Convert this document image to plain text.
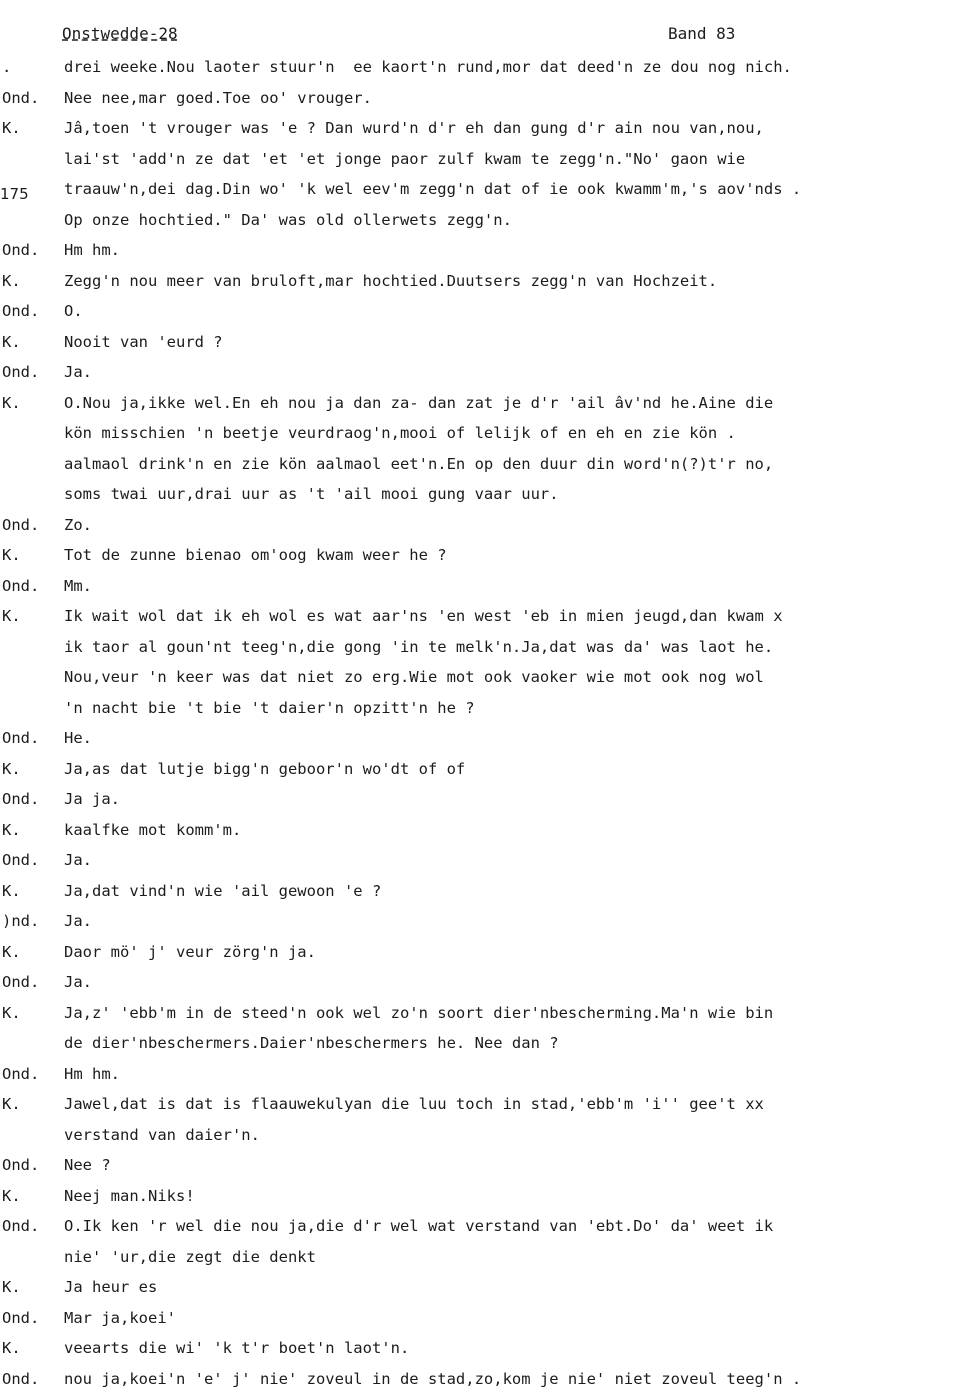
Onstwedde-28	Band 83
175
.	drei weeke.Nou laoter stuur'n  ee kaort'n rund,mor dat deed'n ze dou nog nich.
Ond. Nee nee,mar goed.Toe oo' vrouger.
K.	Jâ,toen 't vrouger was 'e ? Dan wurd'n d'r eh dan gung d'r ain nou van,nou,
lai'st 'add'n ze dat 'et 'et jonge paor zulf kwam te zegg'n."No' gaon wie
traauw'n,dei dag.Din wo' 'k wel eev'm zegg'n dat of ie ook kwamm'm,'s aov'nds .
Op onze hochtied." Da' was old ollerwets zegg'n.
Ond. Hm hm.
K.	Zegg'n nou meer van bruloft,mar hochtied.Duutsers zegg'n van Hochzeit.
Ond. O.
K.	Nooit van 'eurd ?
Ond. Ja.
K.	O.Nou ja,ikke wel.En eh nou ja dan za- dan zat je d'r 'ail âv'nd he.Aine die
kön misschien 'n beetje veurdraog'n,mooi of lelijk of en eh en zie kön .
aalmaol drink'n en zie kön aalmaol eet'n.En op den duur din word'n(?)t'r no,
soms twai uur,drai uur as 't 'ail mooi gung vaar uur.
Ond. Zo.
K.	Tot de zunne bienao om'oog kwam weer he ?
Ond. Mm.
K.	Ik wait wol dat ik eh wol es wat aar'ns 'en west 'eb in mien jeugd,dan kwam x
ik taor al goun'nt teeg'n,die gong 'in te melk'n.Ja,dat was da' was laot he.
Nou,veur 'n keer was dat niet zo erg.Wie mot ook vaoker wie mot ook nog wol
'n nacht bie 't bie 't daier'n opzitt'n he ?
Ond. He.
K.	Ja,as dat lutje bigg'n geboor'n wo'dt of of
Ond. Ja ja.
K.	kaalfke mot komm'm.
Ond. Ja.
K.	Ja,dat vind'n wie 'ail gewoon 'e ?
)nd. Ja.
K.	Daor mö' j' veur zörg'n ja.
Ond. Ja.
K.	Ja,z' 'ebb'm in de steed'n ook wel zo'n soort dier'nbescherming.Ma'n wie bin
de dier'nbeschermers.Daier'nbeschermers he. Nee dan ?
Ond. Hm hm.
K.	Jawel,dat is dat is flaauwekulyan die luu toch in stad,'ebb'm 'i'' gee't xx
verstand van daier'n.
Ond. Nee ?
K.	Neej man.Niks!
Ond. O.Ik ken 'r wel die nou ja,die d'r wel wat verstand van 'ebt.Do' da' weet ik
nie' 'ur,die zegt die denkt
K.	Ja heur es
Ond. Mar ja,koei'
K.	veearts die wi' 'k t'r boet'n laot'n.
Ond. nou ja,koei'n 'e' j' nie' zoveul in de stad,zo,kom je nie' niet zoveul teeg'n .
